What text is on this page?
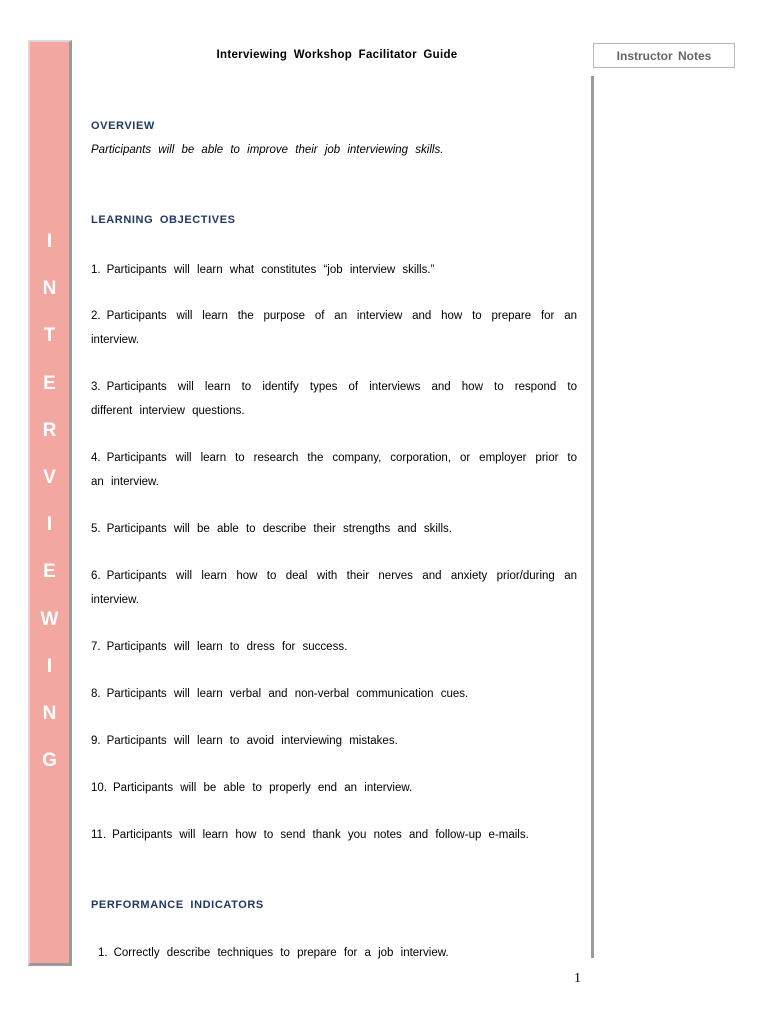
I
N
T
E
R
V
I
E
W
I
N
G
Interviewing Workshop Facilitator Guide	Instructor Notes
OVERVIEW
Participants will be able to improve their job interviewing skills.
LEARNING OBJECTIVES

1. Participants will learn what constitutes “job interview skills.”

2. Participants will learn the purpose of an interview and how to prepare for an interview.

3. Participants will learn to identify types of interviews and how to respond to different interview questions.

4. Participants will learn to research the company, corporation, or employer prior to an interview.

5. Participants will be able to describe their strengths and skills.

6. Participants will learn how to deal with their nerves and anxiety prior/during an interview.

7. Participants will learn to dress for success.

8. Participants will learn verbal and non-verbal communication cues.

9. Participants will learn to avoid interviewing mistakes.

10. Participants will be able to properly end an interview.

11. Participants will learn how to send thank you notes and follow-up e-mails.

PERFORMANCE INDICATORS

1. Correctly describe techniques to prepare for a job interview.

1
